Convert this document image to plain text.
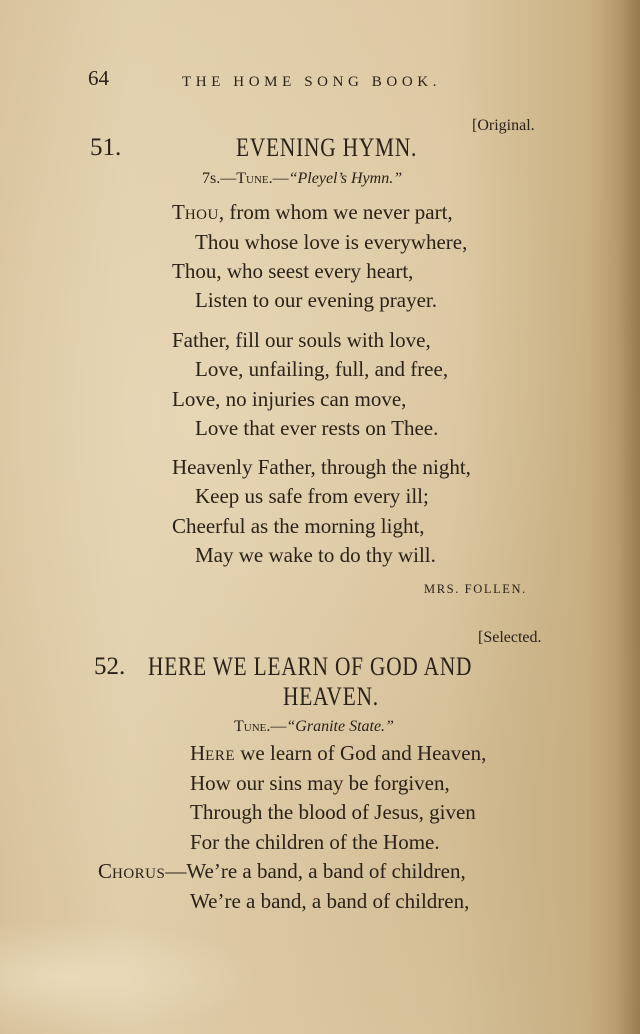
64	THE HOME SONG BOOK.
[Original.
51.	EVENING HYMN.
7s.—Tune.—“Pleyel’s Hymn.”
THOU, from whom we never part,
Thou whose love is everywhere,
Thou, who seest every heart,
Listen to our evening prayer.
Father, fill our souls with love,
Love, unfailing, full, and free,
Love, no injuries can move,
Love that ever rests on Thee.
Heavenly Father, through the night,
Keep us safe from every ill;
Cheerful as the morning light,
May we wake to do thy will.
MRS. FOLLEN.
[Selected.
52. HERE WE LEARN OF GOD AND
HEAVEN.
Tune.—“Granite State.”
HERE we learn of God and Heaven,
How our sins may be forgiven,
Through the blood of Jesus, given
For the children of the Home.
CHORUS—We’re a band, a band of children,
We’re a band, a band of children,
